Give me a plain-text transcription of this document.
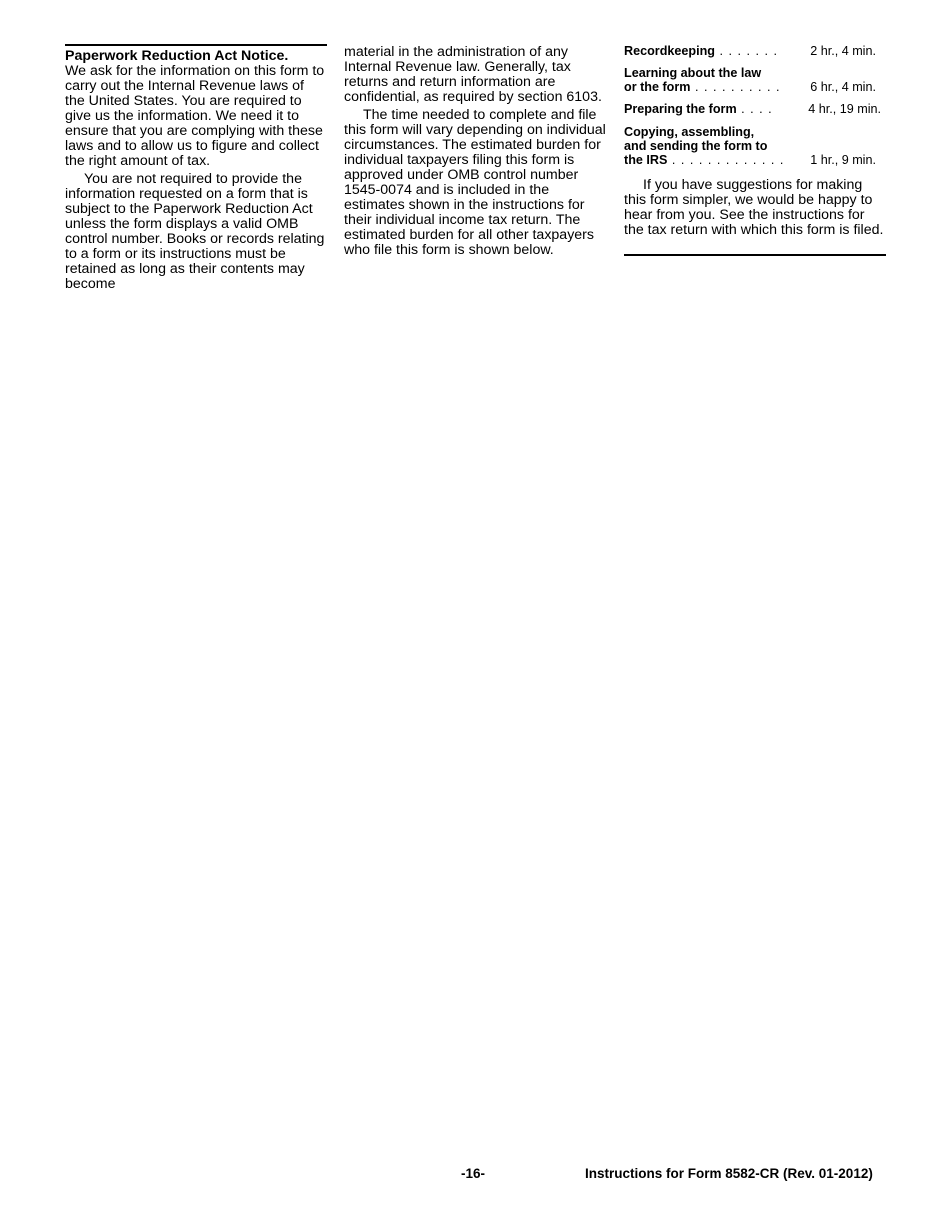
Paperwork Reduction Act Notice.
We ask for the information on this form to carry out the Internal Revenue laws of the United States. You are required to give us the information. We need it to ensure that you are complying with these laws and to allow us to figure and collect the right amount of tax.

You are not required to provide the information requested on a form that is subject to the Paperwork Reduction Act unless the form displays a valid OMB control number. Books or records relating to a form or its instructions must be retained as long as their contents may become

material in the administration of any Internal Revenue law. Generally, tax returns and return information are confidential, as required by section 6103.

The time needed to complete and file this form will vary depending on individual circumstances. The estimated burden for individual taxpayers filing this form is approved under OMB control number 1545-0074 and is included in the estimates shown in the instructions for their individual income tax return. The estimated burden for all other taxpayers who file this form is shown below.

Recordkeeping . . . . . . .	2 hr., 4 min.
Learning about the law
or the form . . . . . . . . . . 6 hr., 4 min.
Preparing the form . . . .	4 hr., 19 min.
Copying, assembling,
and sending the form to
the IRS . . . . . . . . . . . . . 1 hr., 9 min.

If you have suggestions for making this form simpler, we would be happy to hear from you. See the instructions for the tax return with which this form is filed.

-16-	Instructions for Form 8582-CR (Rev. 01-2012)
